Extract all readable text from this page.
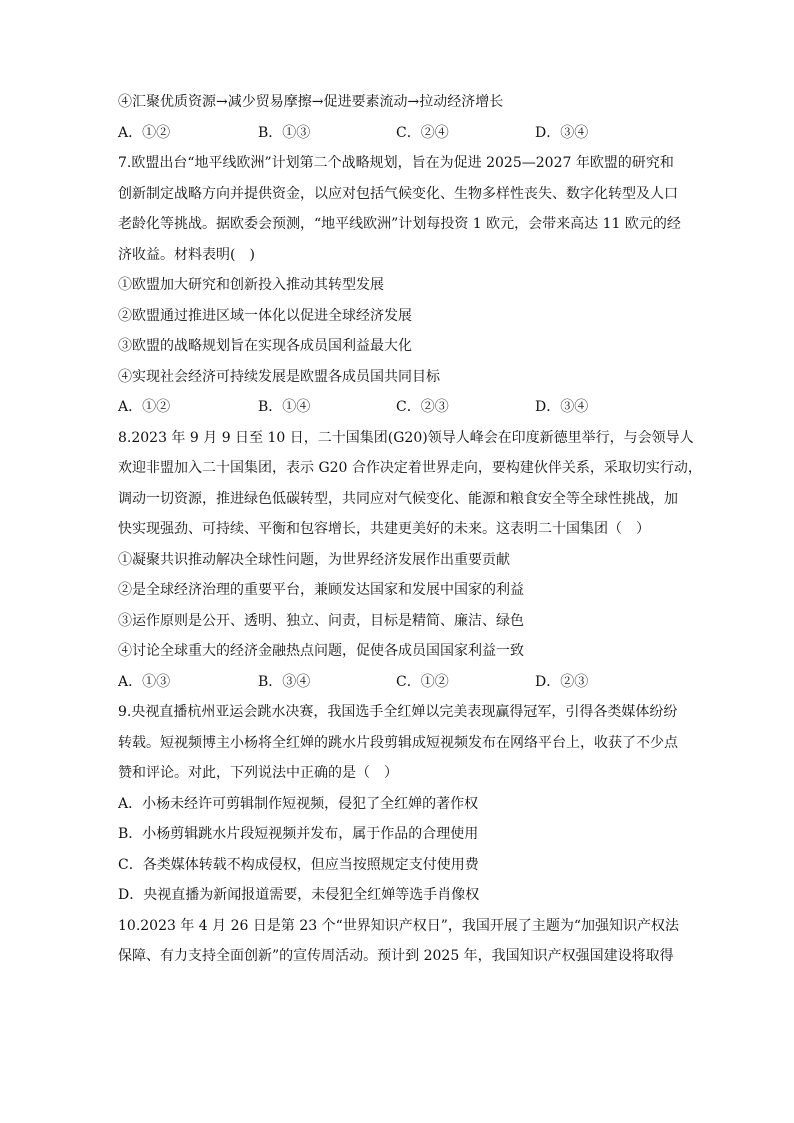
④汇聚优质资源→减少贸易摩擦→促进要素流动→拉动经济增长

A．①②	B．①③	C．②④	D．③④

7.欧盟出台“地平线欧洲”计划第二个战略规划，旨在为促进 2025—2027 年欧盟的研究和

创新制定战略方向并提供资金，以应对包括气候变化、生物多样性丧失、数字化转型及人口

老龄化等挑战。据欧委会预测，“地平线欧洲”计划每投资 1 欧元，会带来高达 11 欧元的经

济收益。材料表明(　)

①欧盟加大研究和创新投入推动其转型发展

②欧盟通过推进区域一体化以促进全球经济发展

③欧盟的战略规划旨在实现各成员国利益最大化

④实现社会经济可持续发展是欧盟各成员国共同目标

A．①②	B．①④	C．②③	D．③④

8.2023 年 9 月 9 日至 10 日，二十国集团(G20)领导人峰会在印度新德里举行，与会领导人

欢迎非盟加入二十国集团，表示 G20 合作决定着世界走向，要构建伙伴关系，采取切实行动，

调动一切资源，推进绿色低碳转型，共同应对气候变化、能源和粮食安全等全球性挑战，加

快实现强劲、可持续、平衡和包容增长，共建更美好的未来。这表明二十国集团（　）

①凝聚共识推动解决全球性问题，为世界经济发展作出重要贡献

②是全球经济治理的重要平台，兼顾发达国家和发展中国家的利益

③运作原则是公开、透明、独立、问责，目标是精简、廉洁、绿色

④讨论全球重大的经济金融热点问题，促使各成员国国家利益一致

A．①③	B．③④	C．①②	D．②③

9.央视直播杭州亚运会跳水决赛，我国选手全红婵以完美表现赢得冠军，引得各类媒体纷纷

转载。短视频博主小杨将全红婵的跳水片段剪辑成短视频发布在网络平台上，收获了不少点

赞和评论。对此，下列说法中正确的是（　）

A．小杨未经许可剪辑制作短视频，侵犯了全红婵的著作权

B．小杨剪辑跳水片段短视频并发布，属于作品的合理使用

C．各类媒体转载不构成侵权，但应当按照规定支付使用费

D．央视直播为新闻报道需要，未侵犯全红婵等选手肖像权

10.2023 年 4 月 26 日是第 23 个“世界知识产权日”，我国开展了主题为“加强知识产权法

保障、有力支持全面创新”的宣传周活动。预计到 2025 年，我国知识产权强国建设将取得
